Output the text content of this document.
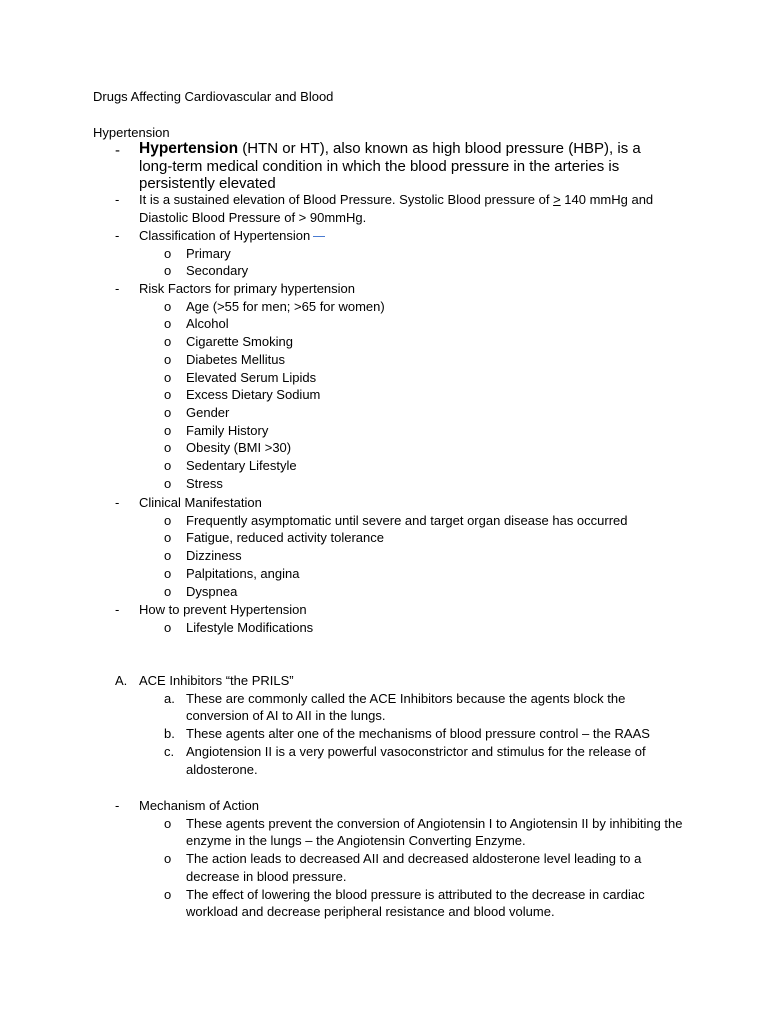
Drugs Affecting Cardiovascular and Blood
Hypertension
- Hypertension (HTN or HT), also known as high blood pressure (HBP), is a long-term medical condition in which the blood pressure in the arteries is persistently elevated
- It is a sustained elevation of Blood Pressure. Systolic Blood pressure of ≥ 140 mmHg and Diastolic Blood Pressure of > 90mmHg.
- Classification of Hypertension
o Primary
o Secondary
- Risk Factors for primary hypertension
o Age (>55 for men; >65 for women)
o Alcohol
o Cigarette Smoking
o Diabetes Mellitus
o Elevated Serum Lipids
o Excess Dietary Sodium
o Gender
o Family History
o Obesity (BMI >30)
o Sedentary Lifestyle
o Stress
- Clinical Manifestation
o Frequently asymptomatic until severe and target organ disease has occurred
o Fatigue, reduced activity tolerance
o Dizziness
o Palpitations, angina
o Dyspnea
- How to prevent Hypertension
o Lifestyle Modifications
A. ACE Inhibitors “the PRILS”
a. These are commonly called the ACE Inhibitors because the agents block the conversion of AI to AII in the lungs.
b. These agents alter one of the mechanisms of blood pressure control – the RAAS
c. Angiotension II is a very powerful vasoconstrictor and stimulus for the release of aldosterone.
- Mechanism of Action
o These agents prevent the conversion of Angiotensin I to Angiotensin II by inhibiting the enzyme in the lungs – the Angiotensin Converting Enzyme.
o The action leads to decreased AII and decreased aldosterone level leading to a decrease in blood pressure.
o The effect of lowering the blood pressure is attributed to the decrease in cardiac workload and decrease peripheral resistance and blood volume.
